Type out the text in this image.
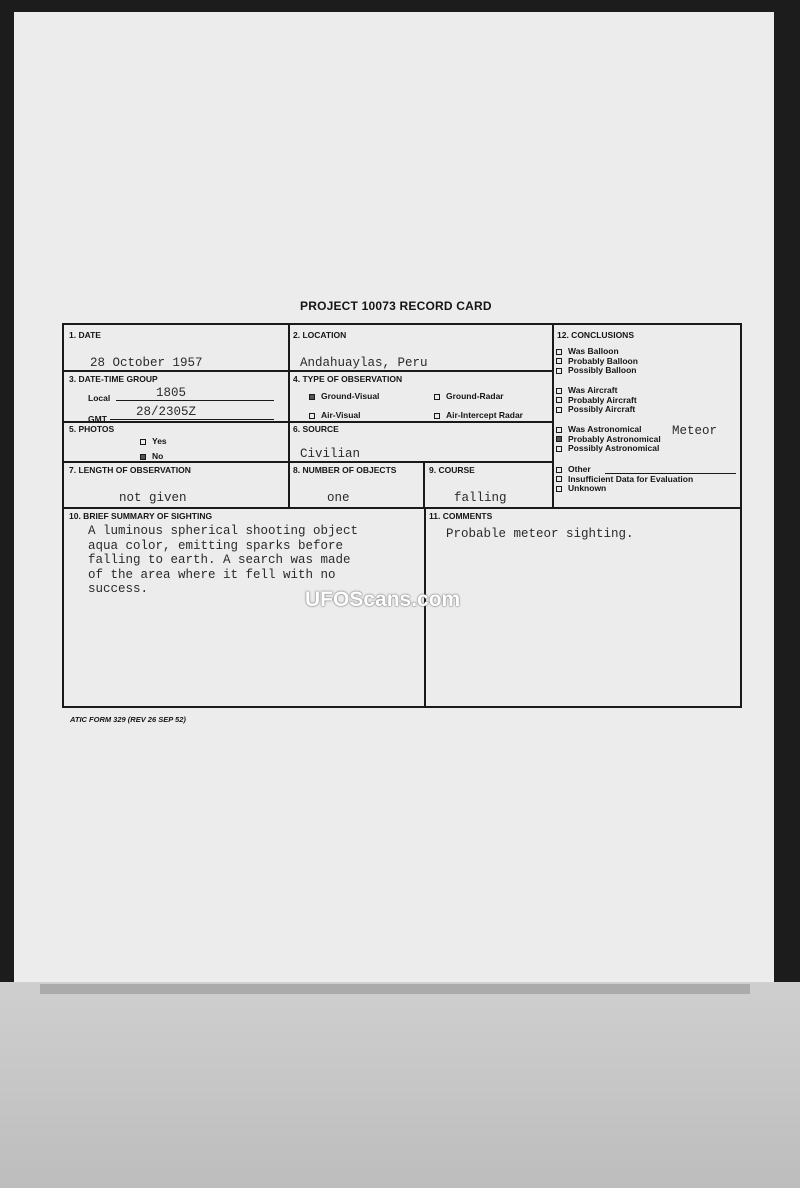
PROJECT 10073 RECORD CARD
1. DATE
28 October 1957
2. LOCATION
Andahuaylas, Peru
3. DATE-TIME GROUP
Local	1805
GMT 28/2305Z
4. TYPE OF OBSERVATION
Ground-Visual	Ground-Radar
Air-Visual	Air-Intercept Radar
5. PHOTOS
Yes
No
6. SOURCE
Civilian
7. LENGTH OF OBSERVATION
not given
8. NUMBER OF OBJECTS
one
9. COURSE
falling
10. BRIEF SUMMARY OF SIGHTING
A luminous spherical shooting object
aqua color, emitting sparks before
falling to earth. A search was made
of the area where it fell with no
success.
11. COMMENTS
Probable meteor sighting.
12. CONCLUSIONS
Was Balloon
Probably Balloon
Possibly Balloon
Was Aircraft
Probably Aircraft
Possibly Aircraft
Was Astronomical
Probably Astronomical
Possibly Astronomical
Meteor
Other
Insufficient Data for Evaluation
Unknown
UFOScans.com
ATIC FORM 329 (REV 26 SEP 52)
